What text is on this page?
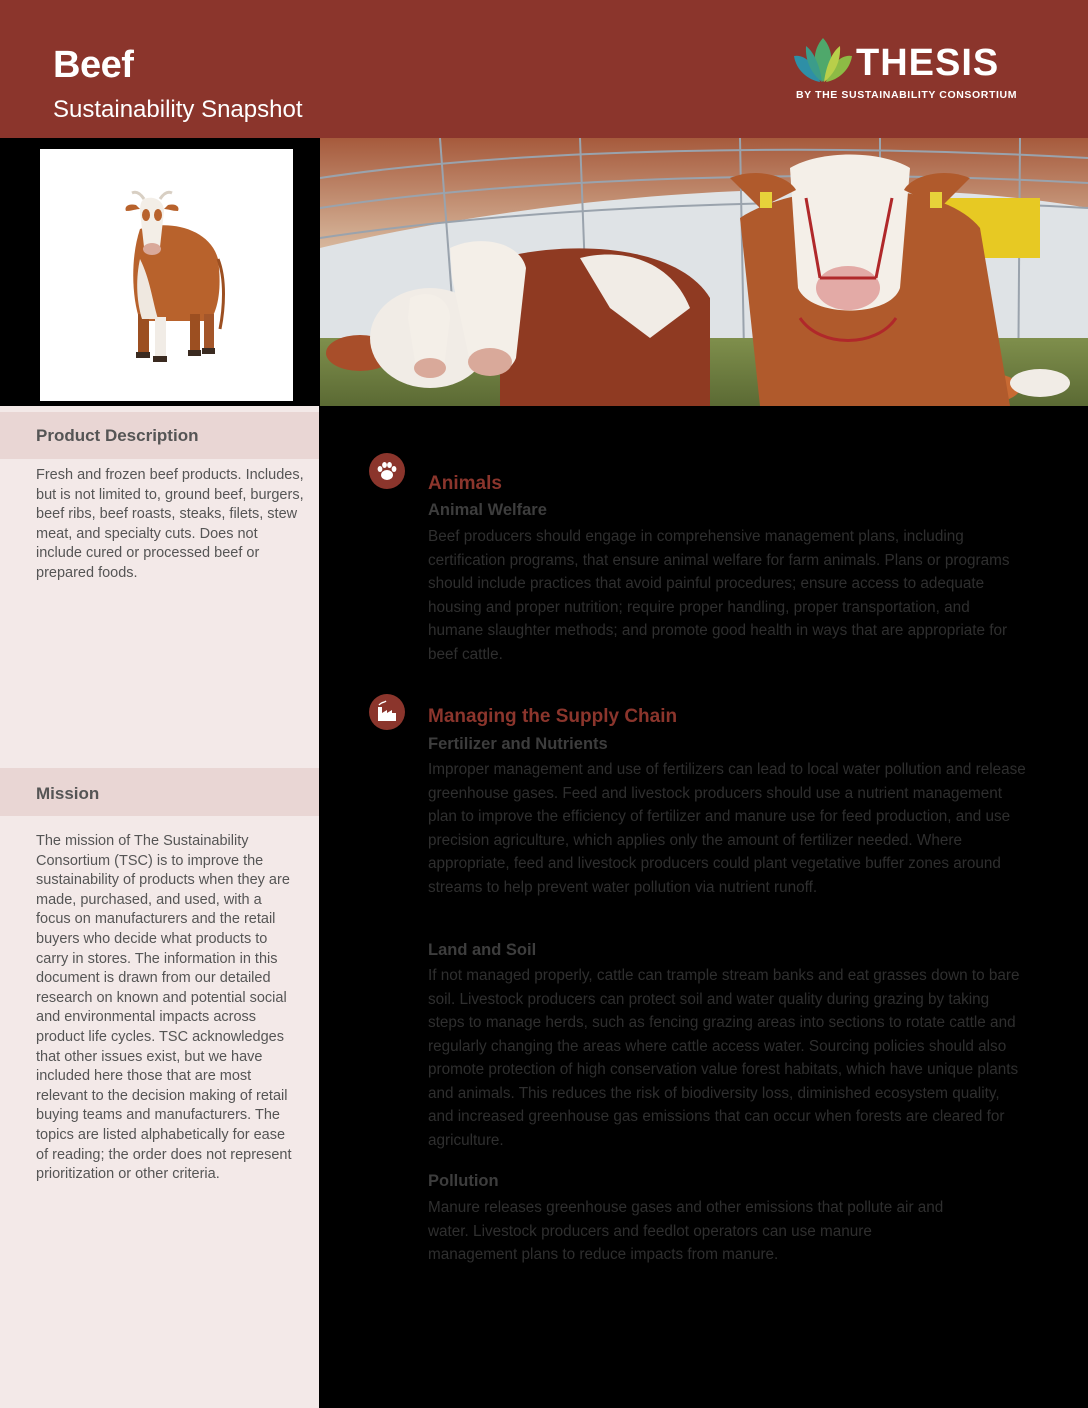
Beef
Sustainability Snapshot
THESIS
BY THE SUSTAINABILITY CONSORTIUM
Product Description

Fresh and frozen beef products. Includes, but is not limited to, ground beef, burgers, beef ribs, beef roasts, steaks, filets, stew meat, and specialty cuts. Does not include cured or processed beef or prepared foods.

Mission

The mission of The Sustainability Consortium (TSC) is to improve the sustainability of products when they are made, purchased, and used, with a focus on manufacturers and the retail buyers who decide what products to carry in stores. The information in this document is drawn from our detailed research on known and potential social and environmental impacts across product life cycles. TSC acknowledges that other issues exist, but we have included here those that are most relevant to the decision making of retail buying teams and manufacturers. The topics are listed alphabetically for ease of reading; the order does not represent prioritization or other criteria.

Animals
Animal Welfare

Beef producers should engage in comprehensive management plans, including certification programs, that ensure animal welfare for farm animals. Plans or programs should include practices that avoid painful procedures; ensure access to adequate housing and proper nutrition; require proper handling, proper transportation, and humane slaughter methods; and promote good health in ways that are appropriate for beef cattle.

Managing the Supply Chain
Fertilizer and Nutrients

Improper management and use of fertilizers can lead to local water pollution and release greenhouse gases. Feed and livestock producers should use a nutrient management plan to improve the efficiency of fertilizer and manure use for feed production, and use precision agriculture, which applies only the amount of fertilizer needed. Where appropriate, feed and livestock producers could plant vegetative buffer zones around streams to help prevent water pollution via nutrient runoff.

Land and Soil

If not managed properly, cattle can trample stream banks and eat grasses down to bare soil. Livestock producers can protect soil and water quality during grazing by taking steps to manage herds, such as fencing grazing areas into sections to rotate cattle and regularly changing the areas where cattle access water. Sourcing policies should also promote protection of high conservation value forest habitats, which have unique plants and animals. This reduces the risk of biodiversity loss, diminished ecosystem quality, and increased greenhouse gas emissions that can occur when forests are cleared for agriculture.

Pollution

Manure releases greenhouse gases and other emissions that pollute air and water. Livestock producers and feedlot operators can use manure management plans to reduce impacts from manure.
